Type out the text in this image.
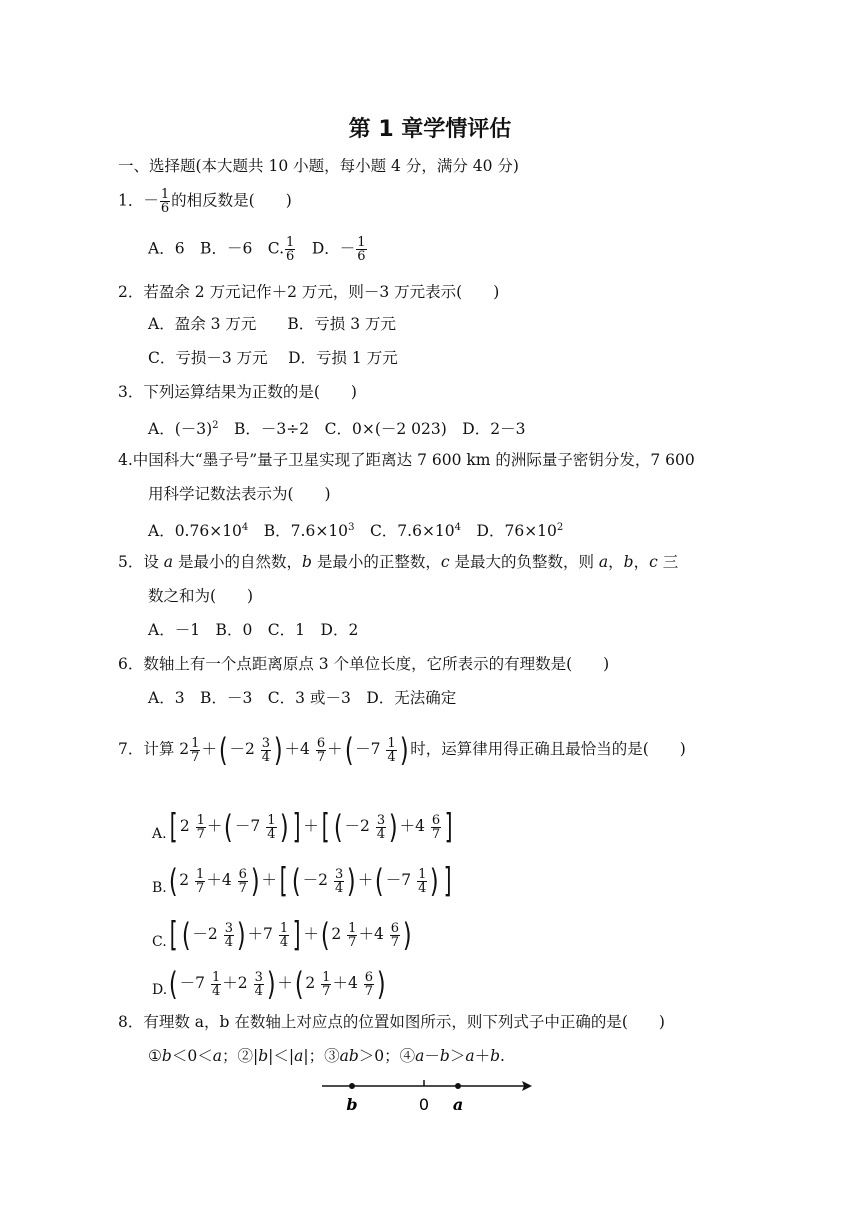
第 1 章学情评估
一、选择题(本大题共 10 小题，每小题 4 分，满分 40 分)
1．－ $\frac{1}{6}$ 的相反数是(　　)
A．6　B．－6　C. $\frac{1}{6}$ 　D．－ $\frac{1}{6}$
2．若盈余 2 万元记作＋2 万元，则－3 万元表示(　　)
A．盈余 3 万元　　B．亏损 3 万元
C．亏损－3 万元　 D．亏损 1 万元
3．下列运算结果为正数的是(　　)
A．$(-3)^2$　B．－3÷2　C．0×(－2 023)　D．2－3
4.中国科大“墨子号”量子卫星实现了距离达 7 600 km 的洲际量子密钥分发，7 600
用科学记数法表示为(　　)
A．$0.76\times 10^4$　B．$7.6\times 10^3$　C．$7.6\times 10^4$　D．$76\times 10^2$
5．设 a 是最小的自然数，b 是最小的正整数，c 是最大的负整数，则 a，b，c 三
数之和为(　　)
A．－1　B．0　C．1　D．2
6．数轴上有一个点距离原点 3 个单位长度，它所表示的有理数是(　　)
A．3　B．－3　C．3 或－3　D．无法确定
7．计算 $2 \frac{1}{7}$ ＋( $-2 \frac{3}{4}$ ) $+4 \frac{6}{7}$ ＋( $-7 \frac{1}{4}$ ) 时，运算律用得正确且最恰当的是(　　)
A.[ $2 \frac{1}{7}$ ＋( $-7 \frac{1}{4}$ ) ] ＋[ ( $-2 \frac{3}{4}$ ) $+4 \frac{6}{7}$ ]
B.( $2 \frac{1}{7} +4 \frac{6}{7}$ ) ＋[ ( $-2 \frac{3}{4}$ ) ＋( $-7 \frac{1}{4}$ ) ]
C.[ ( $-2 \frac{3}{4}$ ) $+7 \frac{1}{4}$ ] ＋( $2 \frac{1}{7} +4 \frac{6}{7}$ )
$D.( -7 \frac{1}{4} +2 \frac{3}{4}$ ) ＋( $2 \frac{1}{7} +4 \frac{6}{7}$ )
8．有理数 a，b 在数轴上对应点的位置如图所示，则下列式子中正确的是(　　)
①b＜0＜a；②|b|＜|a|；③ab＞0；④a－b＞a＋b.
b	0 a
